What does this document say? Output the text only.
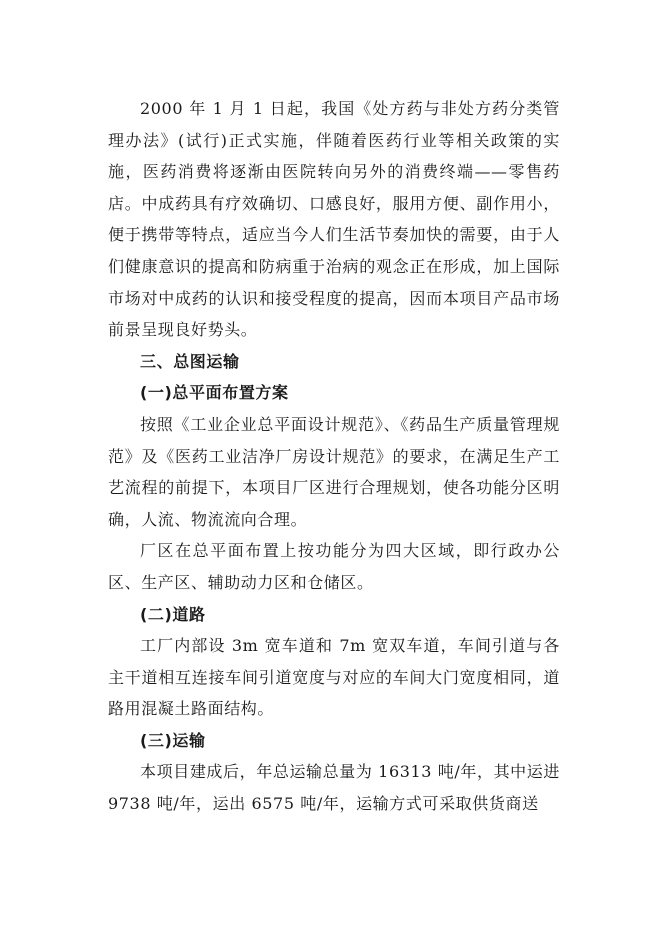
2000 年 1 月 1 日起，我国《处方药与非处方药分类管理办法》(试行)正式实施，伴随着医药行业等相关政策的实施，医药消费将逐渐由医院转向另外的消费终端——零售药店。中成药具有疗效确切、口感良好，服用方便、副作用小，便于携带等特点，适应当今人们生活节奏加快的需要，由于人们健康意识的提高和防病重于治病的观念正在形成，加上国际市场对中成药的认识和接受程度的提高，因而本项目产品市场前景呈现良好势头。

三、总图运输

(一)总平面布置方案

按照《工业企业总平面设计规范》、《药品生产质量管理规范》及《医药工业洁净厂房设计规范》的要求，在满足生产工艺流程的前提下，本项目厂区进行合理规划，使各功能分区明确，人流、物流流向合理。

厂区在总平面布置上按功能分为四大区域，即行政办公区、生产区、辅助动力区和仓储区。

(二)道路

工厂内部设 3m 宽车道和 7m 宽双车道，车间引道与各主干道相互连接车间引道宽度与对应的车间大门宽度相同，道路用混凝土路面结构。

(三)运输

本项目建成后，年总运输总量为 16313 吨/年，其中运进 9738 吨/年，运出 6575 吨/年，运输方式可采取供货商送
